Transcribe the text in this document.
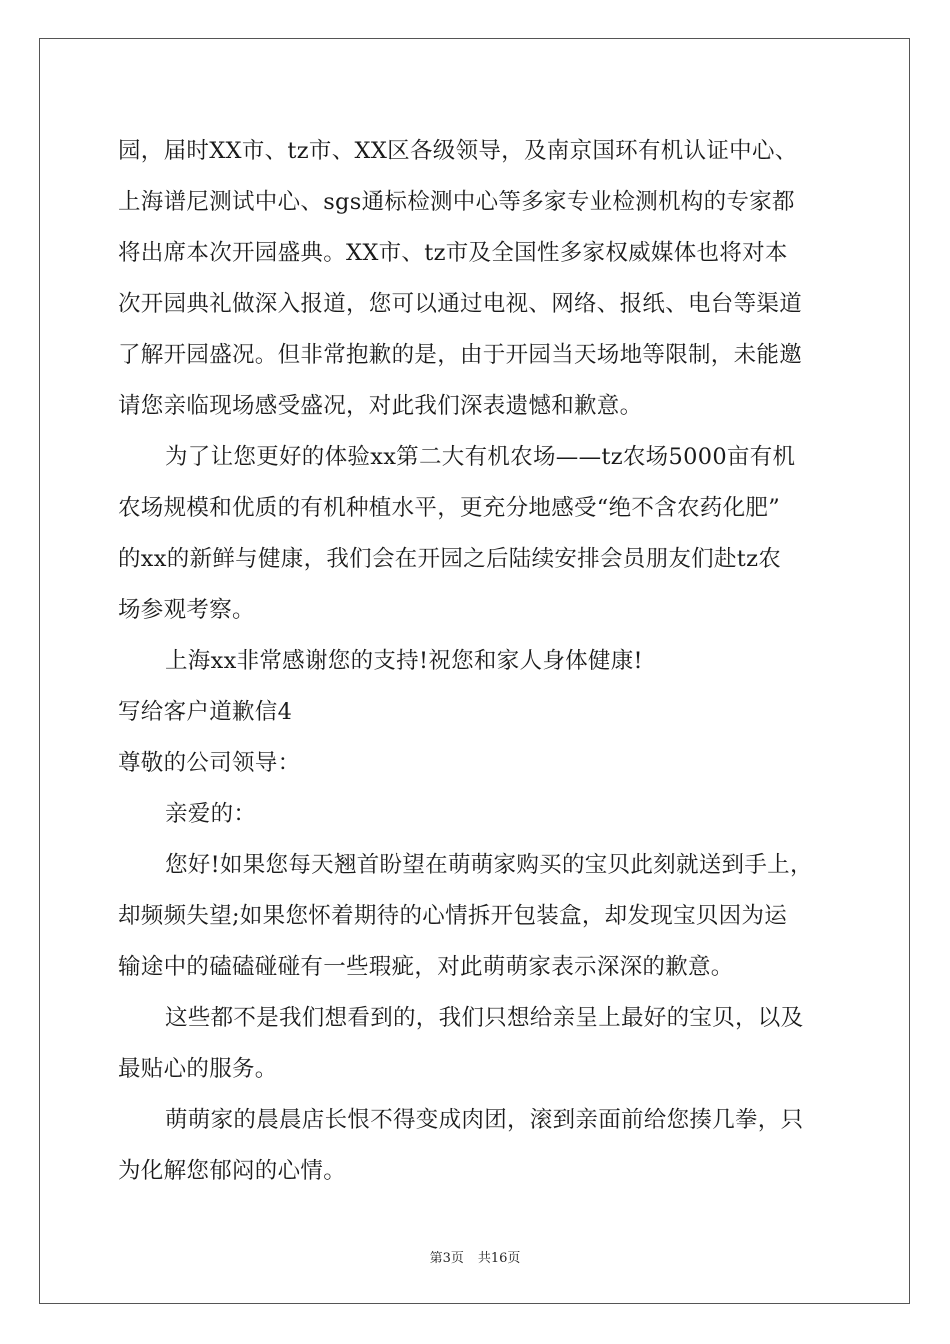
园，届时XX市、tz市、XX区各级领导，及南京国环有机认证中心、
上海谱尼测试中心、sgs通标检测中心等多家专业检测机构的专家都
将出席本次开园盛典。XX市、tz市及全国性多家权威媒体也将对本
次开园典礼做深入报道，您可以通过电视、网络、报纸、电台等渠道
了解开园盛况。但非常抱歉的是，由于开园当天场地等限制，未能邀
请您亲临现场感受盛况，对此我们深表遗憾和歉意。
为了让您更好的体验xx第二大有机农场——tz农场5000亩有机
农场规模和优质的有机种植水平，更充分地感受“绝不含农药化肥”
的xx的新鲜与健康，我们会在开园之后陆续安排会员朋友们赴tz农
场参观考察。
上海xx非常感谢您的支持!祝您和家人身体健康!
写给客户道歉信4
尊敬的公司领导：
亲爱的：
您好!如果您每天翘首盼望在萌萌家购买的宝贝此刻就送到手上，
却频频失望;如果您怀着期待的心情拆开包装盒，却发现宝贝因为运
输途中的磕磕碰碰有一些瑕疵，对此萌萌家表示深深的歉意。
这些都不是我们想看到的，我们只想给亲呈上最好的宝贝，以及
最贴心的服务。
萌萌家的晨晨店长恨不得变成肉团，滚到亲面前给您揍几拳，只
为化解您郁闷的心情。
第3页 共16页
